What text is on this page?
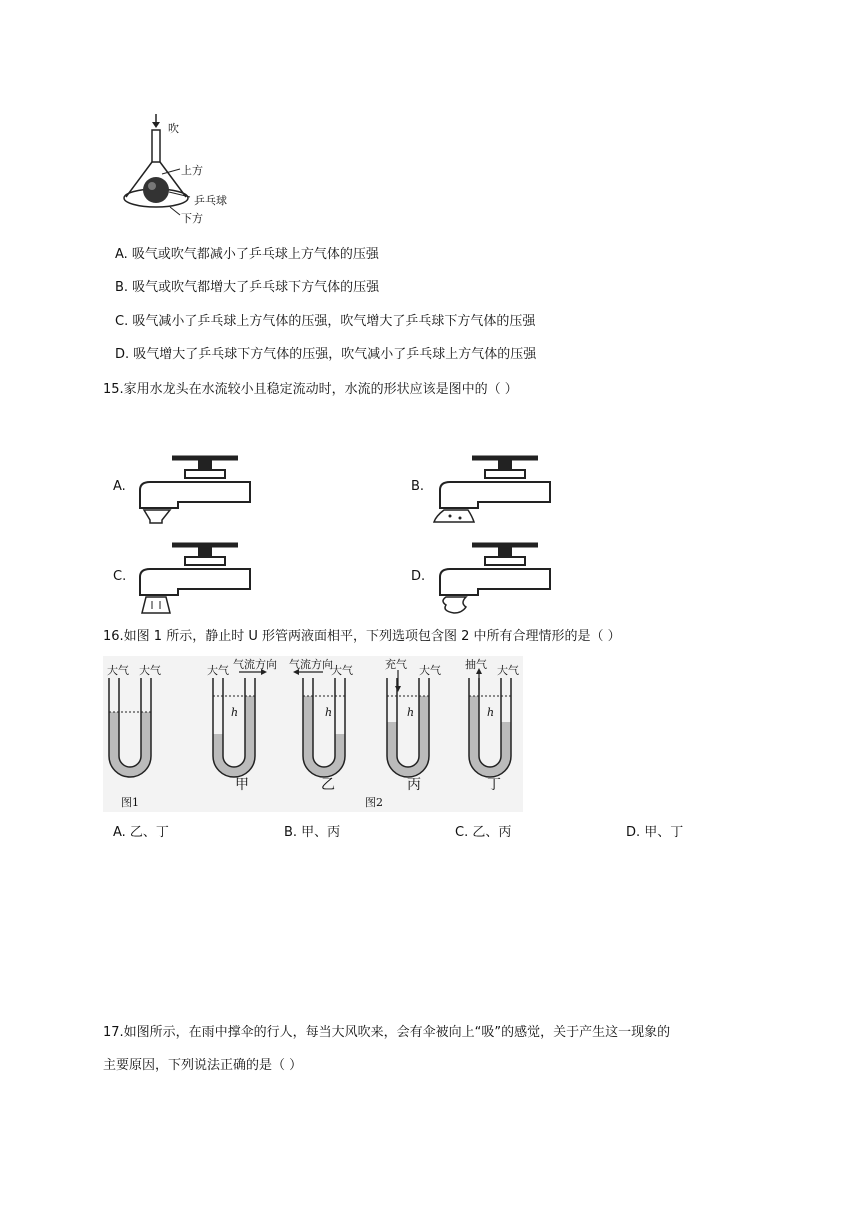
吹
上方
乒乓球
下方
A. 吸气或吹气都减小了乒乓球上方气体的压强
B. 吸气或吹气都增大了乒乓球下方气体的压强
C. 吸气减小了乒乓球上方气体的压强，吹气增大了乒乓球下方气体的压强
D. 吸气增大了乒乓球下方气体的压强，吹气减小了乒乓球上方气体的压强
15.家用水龙头在水流较小且稳定流动时，水流的形状应该是图中的（ ）
A.	B.
C.	D.
16.如图 1 所示，静止时 U 形管两液面相平，下列选项包含图 2 中所有合理情形的是（ ）
大气 大气	大气 气流方向
h
甲
气流方向
大气
h
乙
充气 大气
h
丙
抽气 大气
h
丁
图1	图2
A. 乙、丁	B. 甲、丙	C. 乙、丙	D. 甲、丁
17.如图所示，在雨中撑伞的行人，每当大风吹来，会有伞被向上“吸”的感觉，关于产生这一现象的
主要原因，下列说法正确的是（ ）
